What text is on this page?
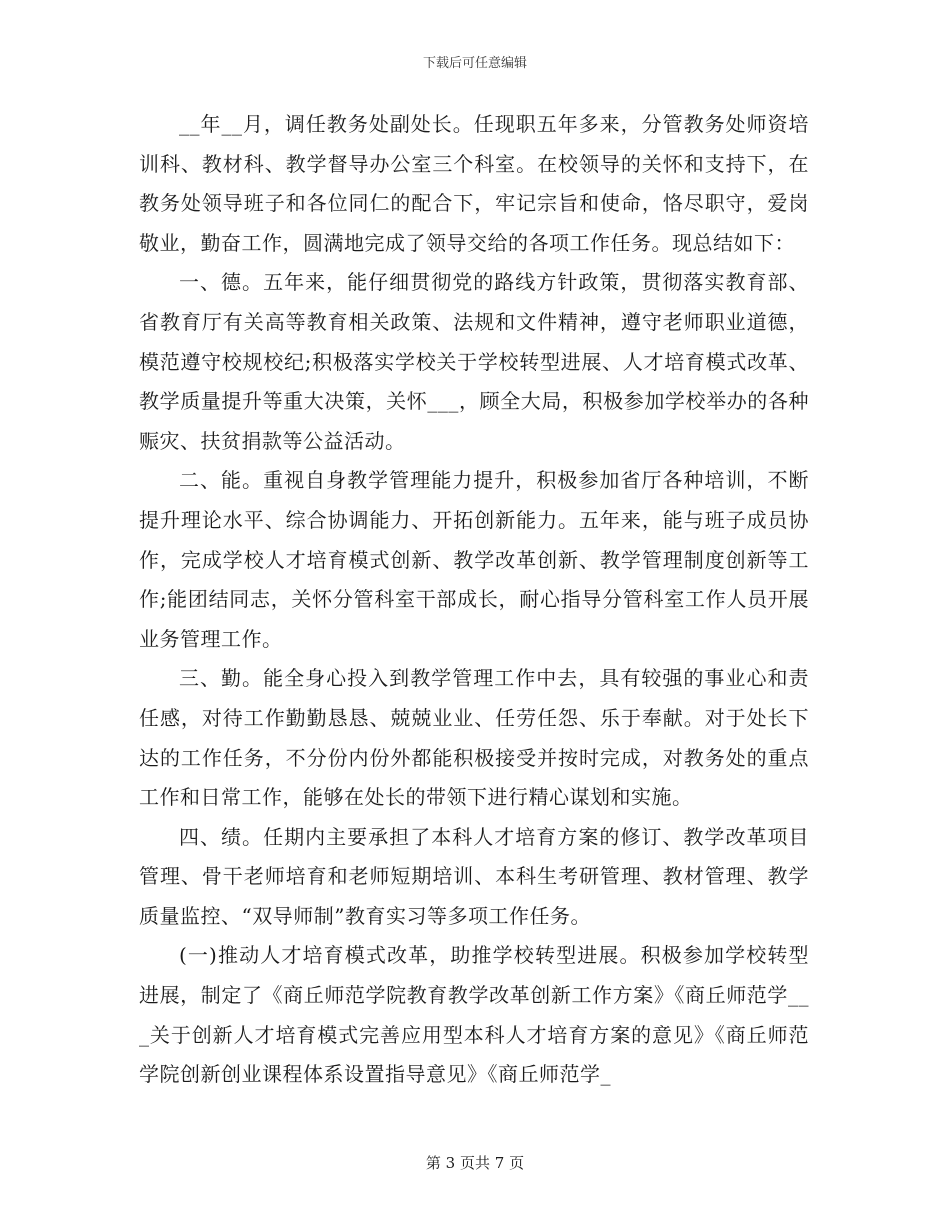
下载后可任意编辑

__年__月，调任教务处副处长。任现职五年多来，分管教务处师资培训科、教材科、教学督导办公室三个科室。在校领导的关怀和支持下，在教务处领导班子和各位同仁的配合下，牢记宗旨和使命，恪尽职守，爱岗敬业，勤奋工作，圆满地完成了领导交给的各项工作任务。现总结如下：

一、德。五年来，能仔细贯彻党的路线方针政策，贯彻落实教育部、省教育厅有关高等教育相关政策、法规和文件精神，遵守老师职业道德，模范遵守校规校纪;积极落实学校关于学校转型进展、人才培育模式改革、教学质量提升等重大决策，关怀___，顾全大局，积极参加学校举办的各种赈灾、扶贫捐款等公益活动。

二、能。重视自身教学管理能力提升，积极参加省厅各种培训，不断提升理论水平、综合协调能力、开拓创新能力。五年来，能与班子成员协作，完成学校人才培育模式创新、教学改革创新、教学管理制度创新等工作;能团结同志，关怀分管科室干部成长，耐心指导分管科室工作人员开展业务管理工作。

三、勤。能全身心投入到教学管理工作中去，具有较强的事业心和责任感，对待工作勤勤恳恳、兢兢业业、任劳任怨、乐于奉献。对于处长下达的工作任务，不分份内份外都能积极接受并按时完成，对教务处的重点工作和日常工作，能够在处长的带领下进行精心谋划和实施。

四、绩。任期内主要承担了本科人才培育方案的修订、教学改革项目管理、骨干老师培育和老师短期培训、本科生考研管理、教材管理、教学质量监控、“双导师制”教育实习等多项工作任务。

(一)推动人才培育模式改革，助推学校转型进展。积极参加学校转型进展，制定了《商丘师范学院教育教学改革创新工作方案》《商丘师范学___关于创新人才培育模式完善应用型本科人才培育方案的意见》《商丘师范学院创新创业课程体系设置指导意见》《商丘师范学_

第 3 页共 7 页
